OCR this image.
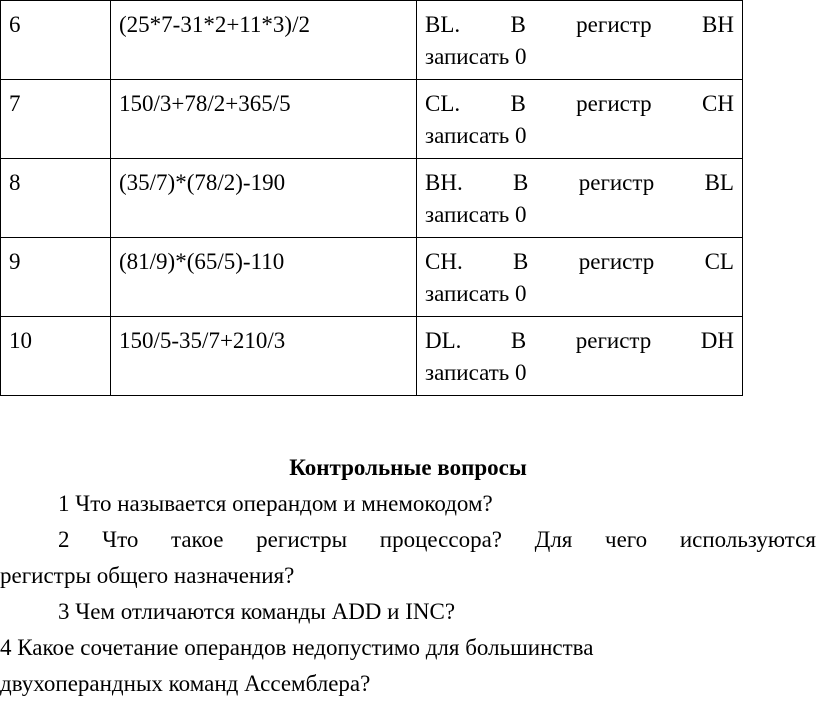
6	(25*7-31*2+11*3)/2	BL. В регистр BH
записать 0

7	150/3+78/2+365/5	CL. В регистр CH
записать 0

8	(35/7)*(78/2)-190	BH. В регистр BL
записать 0

9	(81/9)*(65/5)-110	CH. В регистр CL
записать 0

10	150/5-35/7+210/3	DL. В регистр DH
записать 0

Контрольные вопросы

1 Что называется операндом и мнемокодом?

2 Что такое регистры процессора? Для чего используются

регистры общего назначения?

3 Чем отличаются команды ADD и INC?

4 Какое сочетание операндов недопустимо для большинства

двухоперандных команд Ассемблера?
